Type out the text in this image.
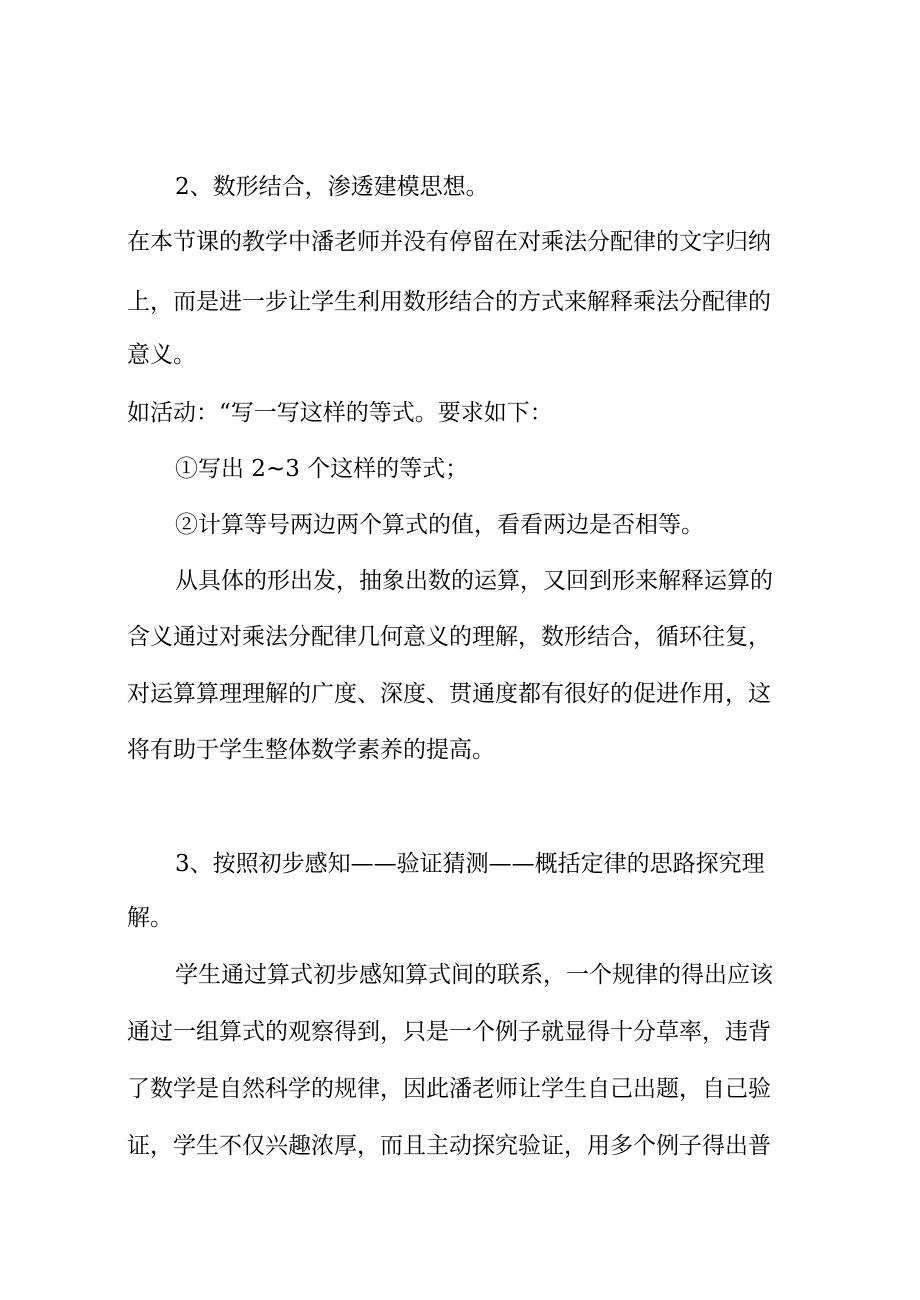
2、数形结合，渗透建模思想。
在本节课的教学中潘老师并没有停留在对乘法分配律的文字归纳
上，而是进一步让学生利用数形结合的方式来解释乘法分配律的
意义。
如活动：“写一写这样的等式。要求如下：
①写出 2~3 个这样的等式；
②计算等号两边两个算式的值，看看两边是否相等。
从具体的形出发，抽象出数的运算，又回到形来解释运算的
含义通过对乘法分配律几何意义的理解，数形结合，循环往复，
对运算算理理解的广度、深度、贯通度都有很好的促进作用，这
将有助于学生整体数学素养的提高。
3、按照初步感知——验证猜测——概括定律的思路探究理
解。
学生通过算式初步感知算式间的联系，一个规律的得出应该
通过一组算式的观察得到，只是一个例子就显得十分草率，违背
了数学是自然科学的规律，因此潘老师让学生自己出题，自己验
证，学生不仅兴趣浓厚，而且主动探究验证，用多个例子得出普
